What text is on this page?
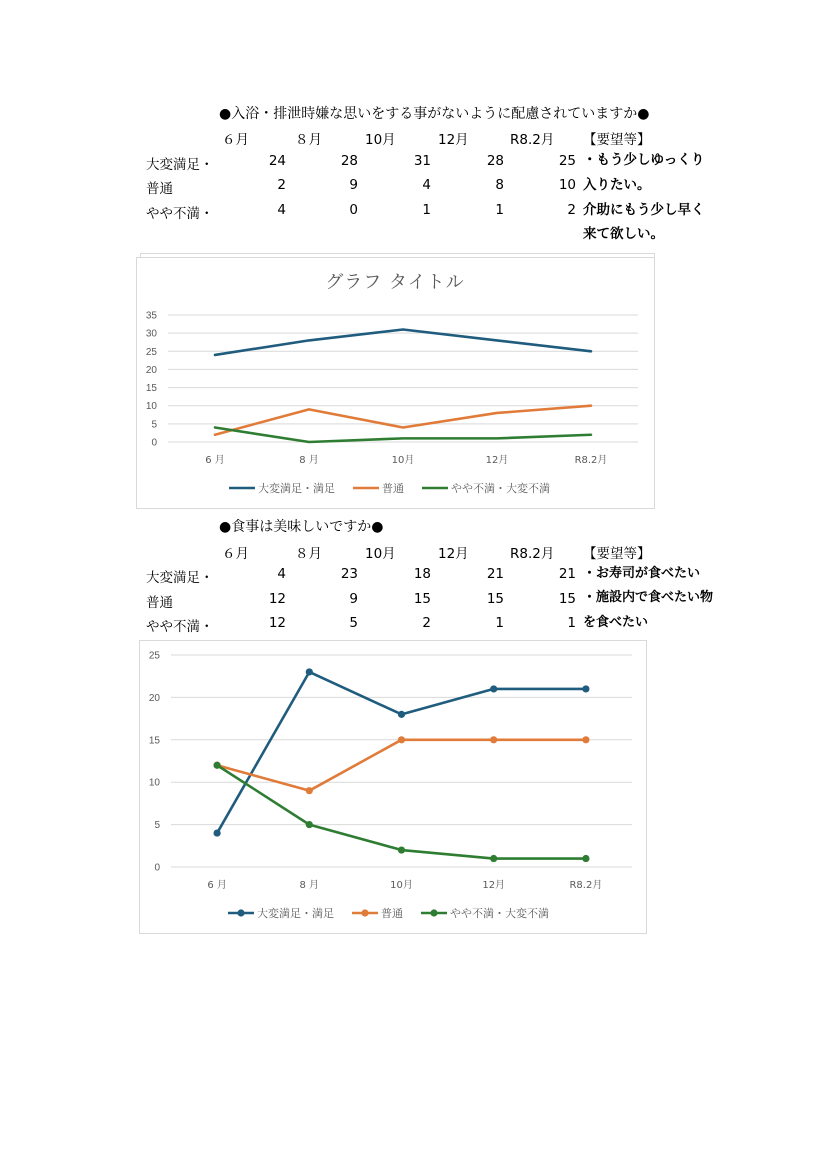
●入浴・排泄時嫌な思いをする事がないように配慮されていますか●
６月	８月	10月	12月	R8.2月 【要望等】
大変満足・	24	28	31	28	25
普通	2	9	4	8	10
やや不満・	4	0	1	1	2
・もう少しゆっくり
入りたい。
介助にもう少し早く
来て欲しい。
グラフ タイトル
0
5
10
15
20
25
30
35
6 月	8 月	10月	12月	R8.2月
大変満足・満足	普通	やや不満・大変不満
●食事は美味しいですか●
６月	８月	10月	12月	R8.2月 【要望等】
大変満足・	4	23	18	21	21
普通	12	9	15	15	15
やや不満・	12	5	2	1	1
・お寿司が食べたい
・施設内で食べたい物
を食べたい
0
5
10
15
20
25
6 月	8 月	10月	12月	R8.2月
大変満足・満足	普通	やや不満・大変不満
